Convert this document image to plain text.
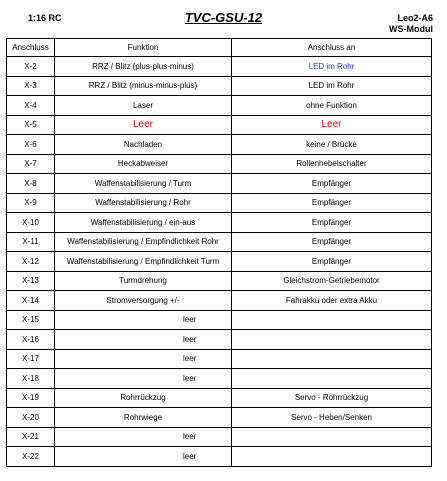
1:16 RC	TVC-GSU-12	Leo2-A6
WS-Modul
Anschluss	Funktion	Anschluss an
X-2	RRZ / Blitz (plus-plus-minus)	LED im Rohr
X-3	RRZ / Blitz (minus-minus-plus)	LED im Rohr
X-4	Laser	ohne Funktion
X-5	Leer	Leer
X-6	Nachladen	keine / Brücke
X-7	Heckabweiser	Rollenhebelschalter
X-8	Waffenstabilisierung / Turm	Empfänger
X-9	Waffenstabilisierung / Rohr	Empfänger
X-10	Waffenstabilisierung / ein-aus	Empfänger
X-11	Waffenstabilisierung / Empfindlichkeit Rohr	Empfänger
X-12	Waffenstabilisierung / Empfindlichkeit Turm	Empfänger
X-13	Turmdrehung	Gleichstrom-Getriebemotor
X-14	Stromversorgung +/-	Fahrakku oder extra Akku
X-15	leer	
X-16	leer	
X-17	leer	
X-18	leer	
X-19	Rohrrückzug	Servo - Rohrrückzug
X-20	Rohrwiege	Servo - Heben/Senken
X-21	leer	
X-22	leer	
